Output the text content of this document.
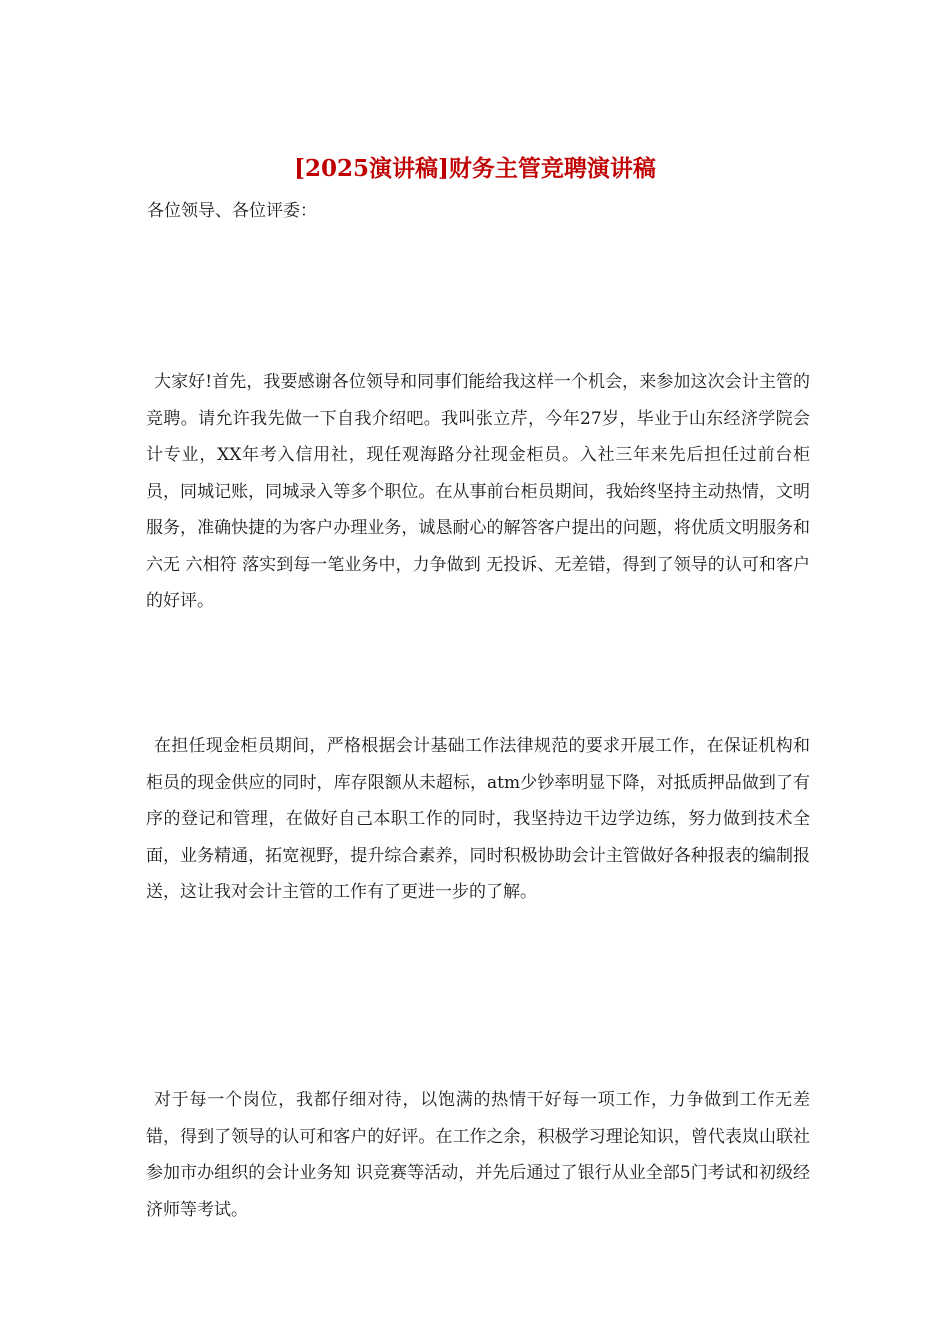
[2025演讲稿]财务主管竞聘演讲稿

各位领导、各位评委：

大家好!首先，我要感谢各位领导和同事们能给我这样一个机会，来参加这次会计主管的竞聘。请允许我先做一下自我介绍吧。我叫张立芹，今年27岁，毕业于山东经济学院会计专业，XX年考入信用社，现任观海路分社现金柜员。入社三年来先后担任过前台柜员，同城记账，同城录入等多个职位。在从事前台柜员期间，我始终坚持主动热情，文明服务，准确快捷的为客户办理业务，诚恳耐心的解答客户提出的问题，将优质文明服务和 六无 六相符 落实到每一笔业务中，力争做到 无投诉、无差错，得到了领导的认可和客户的好评。

在担任现金柜员期间，严格根据会计基础工作法律规范的要求开展工作，在保证机构和柜员的现金供应的同时，库存限额从未超标，atm少钞率明显下降，对抵质押品做到了有序的登记和管理，在做好自己本职工作的同时，我坚持边干边学边练，努力做到技术全面，业务精通，拓宽视野，提升综合素养，同时积极协助会计主管做好各种报表的编制报送，这让我对会计主管的工作有了更进一步的了解。

对于每一个岗位，我都仔细对待，以饱满的热情干好每一项工作，力争做到工作无差错，得到了领导的认可和客户的好评。在工作之余，积极学习理论知识，曾代表岚山联社参加市办组织的会计业务知 识竞赛等活动，并先后通过了银行从业全部5门考试和初级经济师等考试。
